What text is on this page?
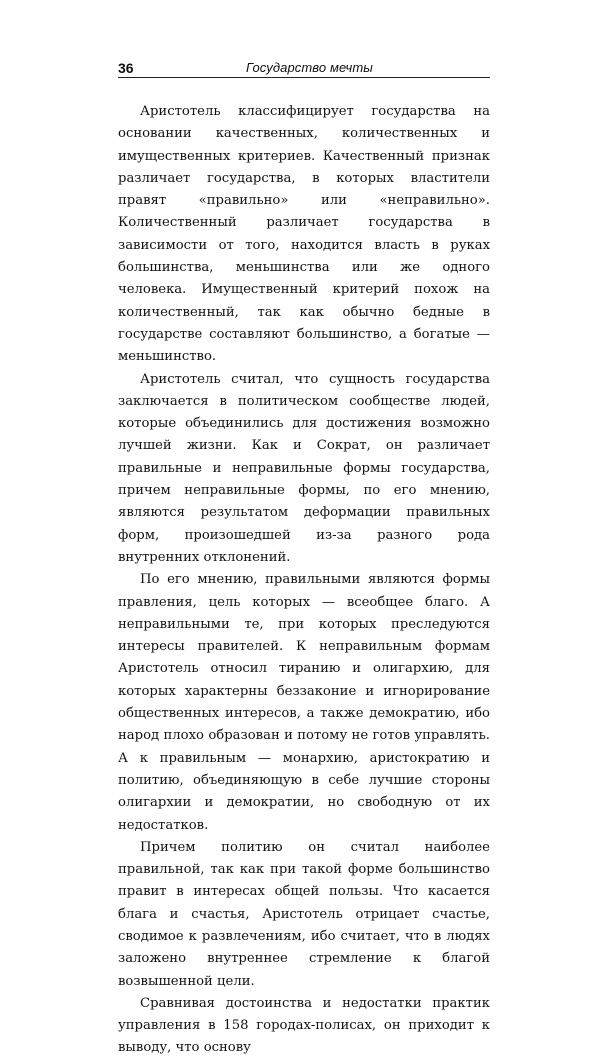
36	Государство мечты

Аристотель классифицирует государства на основании качественных, количественных и имущественных критериев. Качественный признак различает государства, в которых властители правят «правильно» или «неправильно». Количественный различает государства в зависимости от того, находится власть в руках большинства, меньшинства или же одного человека. Имущественный критерий похож на количественный, так как обычно бедные в государстве составляют большинство, а богатые — меньшинство.

Аристотель считал, что сущность государства заключается в политическом сообществе людей, которые объединились для достижения возможно лучшей жизни. Как и Сократ, он различает правильные и неправильные формы государства, причем неправильные формы, по его мнению, являются результатом деформации правильных форм, произошедшей из-за разного рода внутренних отклонений.

По его мнению, правильными являются формы правления, цель которых — всеобщее благо. А неправильными те, при которых преследуются интересы правителей. К неправильным формам Аристотель относил тиранию и олигархию, для которых характерны беззаконие и игнорирование общественных интересов, а также демократию, ибо народ плохо образован и потому не готов управлять. А к правильным — монархию, аристократию и политию, объединяющую в себе лучшие стороны олигархии и демократии, но свободную от их недостатков.

Причем политию он считал наиболее правильной, так как при такой форме большинство правит в интересах общей пользы. Что касается блага и счастья, Аристотель отрицает счастье, сводимое к развлечениям, ибо считает, что в людях заложено внутреннее стремление к благой возвышенной цели.

Сравнивая достоинства и недостатки практик управления в 158 городах-полисах, он приходит к выводу, что основу
